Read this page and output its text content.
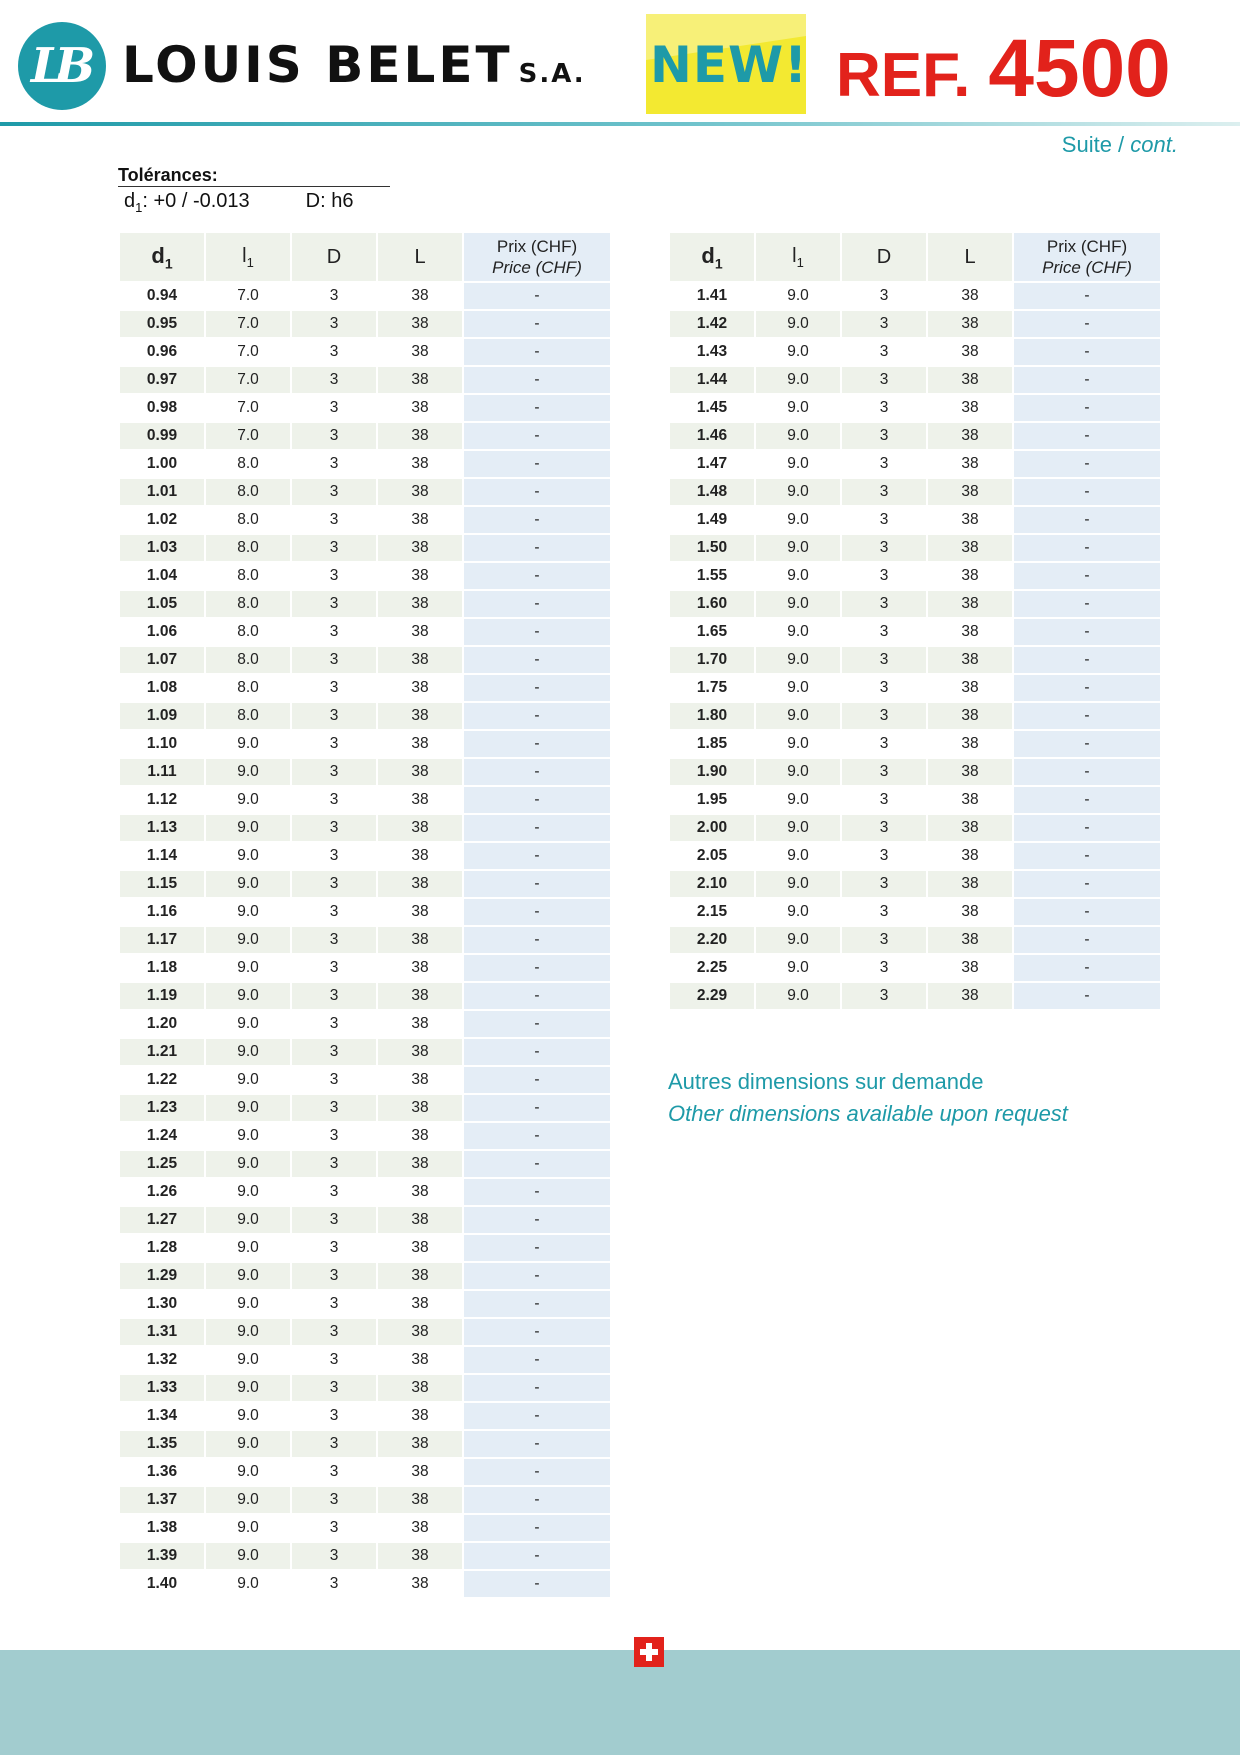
LB LOUIS BELET S.A. NEW! REF. 4500
Suite / cont.
Tolérances:
$d_1$: +0 / -0.013	D: h6
$d_1$	$l_1$	D	L	Prix (CHF)
Price (CHF)
0.94	7.0	3	38	-
0.95	7.0	3	38	-
0.96	7.0	3	38	-
0.97	7.0	3	38	-
0.98	7.0	3	38	-
0.99	7.0	3	38	-
1.00	8.0	3	38	-
1.01	8.0	3	38	-
1.02	8.0	3	38	-
1.03	8.0	3	38	-
1.04	8.0	3	38	-
1.05	8.0	3	38	-
1.06	8.0	3	38	-
1.07	8.0	3	38	-
1.08	8.0	3	38	-
1.09	8.0	3	38	-
1.10	9.0	3	38	-
1.11	9.0	3	38	-
1.12	9.0	3	38	-
1.13	9.0	3	38	-
1.14	9.0	3	38	-
1.15	9.0	3	38	-
1.16	9.0	3	38	-
1.17	9.0	3	38	-
1.18	9.0	3	38	-
1.19	9.0	3	38	-
1.20	9.0	3	38	-
1.21	9.0	3	38	-
1.22	9.0	3	38	-
1.23	9.0	3	38	-
1.24	9.0	3	38	-
1.25	9.0	3	38	-
1.26	9.0	3	38	-
1.27	9.0	3	38	-
1.28	9.0	3	38	-
1.29	9.0	3	38	-
1.30	9.0	3	38	-
1.31	9.0	3	38	-
1.32	9.0	3	38	-
1.33	9.0	3	38	-
1.34	9.0	3	38	-
1.35	9.0	3	38	-
1.36	9.0	3	38	-
1.37	9.0	3	38	-
1.38	9.0	3	38	-
1.39	9.0	3	38	-
1.40	9.0	3	38	-
$d_1$	$l_1$	D	L	Prix (CHF)
Price (CHF)
1.41	9.0	3	38	-
1.42	9.0	3	38	-
1.43	9.0	3	38	-
1.44	9.0	3	38	-
1.45	9.0	3	38	-
1.46	9.0	3	38	-
1.47	9.0	3	38	-
1.48	9.0	3	38	-
1.49	9.0	3	38	-
1.50	9.0	3	38	-
1.55	9.0	3	38	-
1.60	9.0	3	38	-
1.65	9.0	3	38	-
1.70	9.0	3	38	-
1.75	9.0	3	38	-
1.80	9.0	3	38	-
1.85	9.0	3	38	-
1.90	9.0	3	38	-
1.95	9.0	3	38	-
2.00	9.0	3	38	-
2.05	9.0	3	38	-
2.10	9.0	3	38	-
2.15	9.0	3	38	-
2.20	9.0	3	38	-
2.25	9.0	3	38	-
2.29	9.0	3	38	-
Autres dimensions sur demande
Other dimensions available upon request
